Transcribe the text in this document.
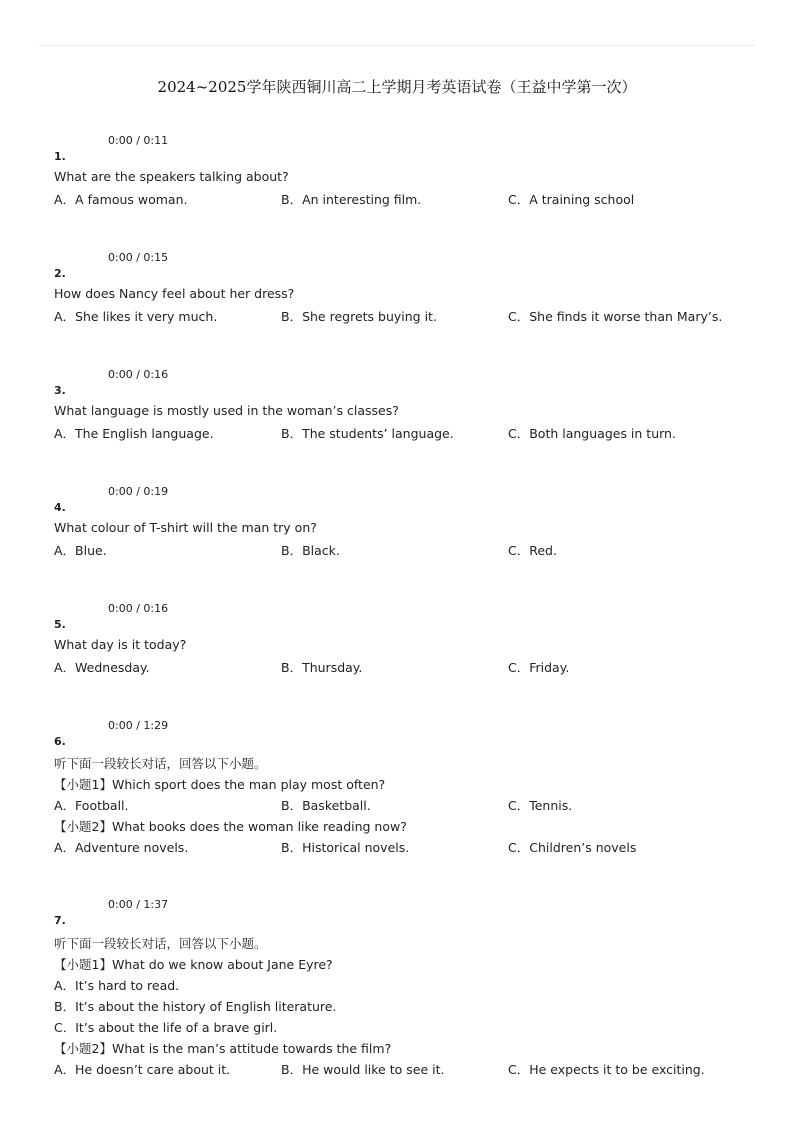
2024~2025学年陕西铜川高二上学期月考英语试卷（王益中学第一次）
0:00 / 0:11
1.
What are the speakers talking about?
A．A famous woman.	B．An interesting film.	C．A training school
0:00 / 0:15
2.
How does Nancy feel about her dress?
A．She likes it very much.	B．She regrets buying it.	C．She finds it worse than Mary’s.
0:00 / 0:16
3.
What language is mostly used in the woman’s classes?
A．The English language.	B．The students’ language.	C．Both languages in turn.
0:00 / 0:19
4.
What colour of T-shirt will the man try on?
A．Blue.	B．Black.	C．Red.
0:00 / 0:16
5.
What day is it today?
A．Wednesday.	B．Thursday.	C．Friday.
0:00 / 1:29
6.
听下面一段较长对话，回答以下小题。
【小题1】Which sport does the man play most often?
A．Football.	B．Basketball.	C．Tennis.
【小题2】What books does the woman like reading now?
A．Adventure novels.	B．Historical novels.	C．Children’s novels
0:00 / 1:37
7.
听下面一段较长对话，回答以下小题。
【小题1】What do we know about Jane Eyre?
A．It’s hard to read.
B．It’s about the history of English literature.
C．It’s about the life of a brave girl.
【小题2】What is the man’s attitude towards the film?
A．He doesn’t care about it.	B．He would like to see it.	C．He expects it to be exciting.
